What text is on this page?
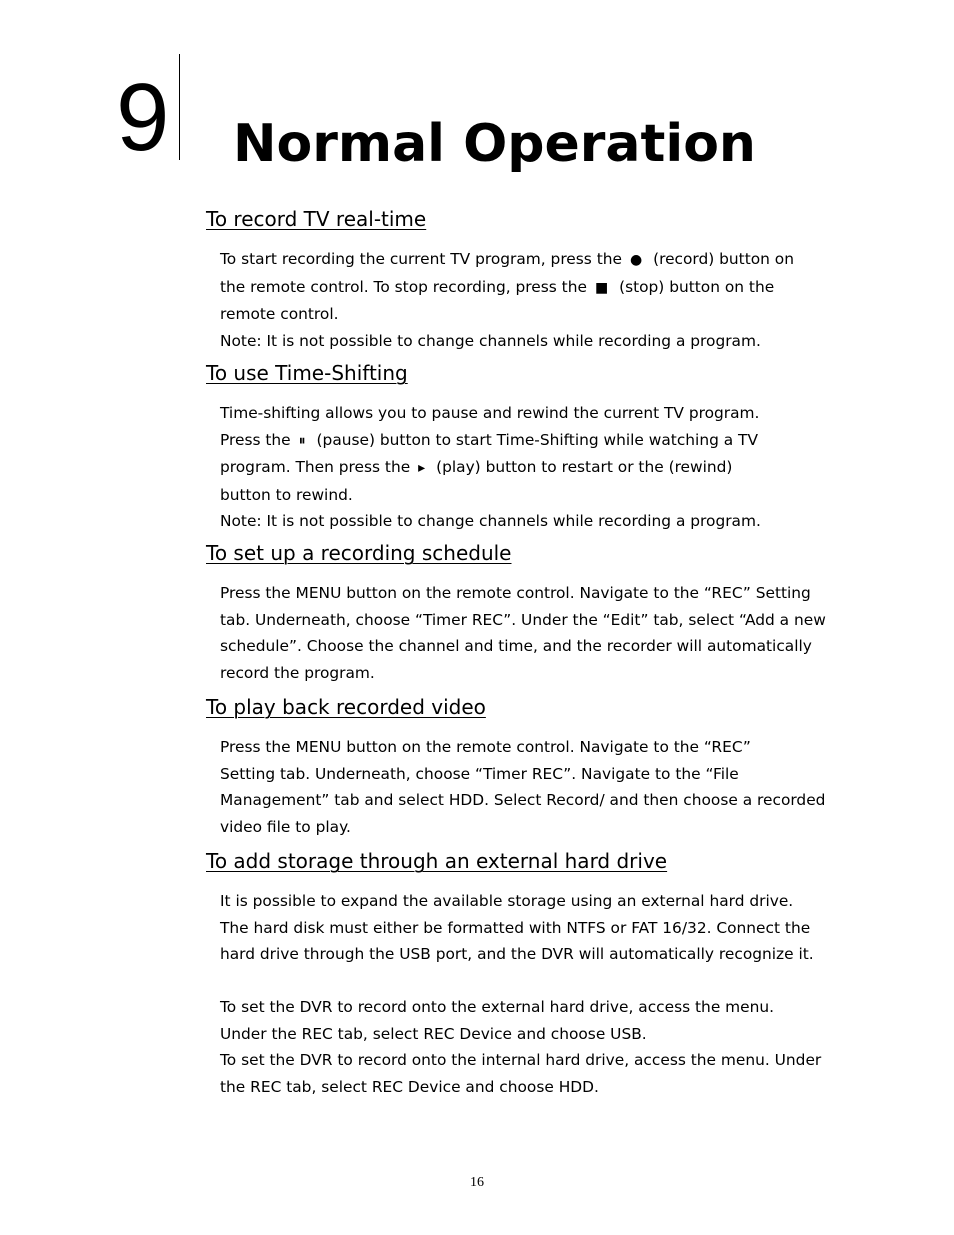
9 Normal Operation
To record TV real-time

To start recording the current TV program, press the ● (record) button on

the remote control. To stop recording, press the ■ (stop) button on the

remote control.

Note: It is not possible to change channels while recording a program.

To use Time-Shifting

Time-shifting allows you to pause and rewind the current TV program.

Press the ⏸ (pause) button to start Time-Shifting while watching a TV

program. Then press the ▸ (play) button to restart or the (rewind)

button to rewind.

Note: It is not possible to change channels while recording a program.

To set up a recording schedule

Press the MENU button on the remote control. Navigate to the “REC” Setting

tab. Underneath, choose “Timer REC”. Under the “Edit” tab, select “Add a new

schedule”. Choose the channel and time, and the recorder will automatically

record the program.

To play back recorded video

Press the MENU button on the remote control. Navigate to the “REC”

Setting tab. Underneath, choose “Timer REC”. Navigate to the “File

Management” tab and select HDD. Select Record/ and then choose a recorded

video file to play.

To add storage through an external hard drive

It is possible to expand the available storage using an external hard drive.

The hard disk must either be formatted with NTFS or FAT 16/32. Connect the

hard drive through the USB port, and the DVR will automatically recognize it.

To set the DVR to record onto the external hard drive, access the menu.

Under the REC tab, select REC Device and choose USB.

To set the DVR to record onto the internal hard drive, access the menu. Under

the REC tab, select REC Device and choose HDD.

16
